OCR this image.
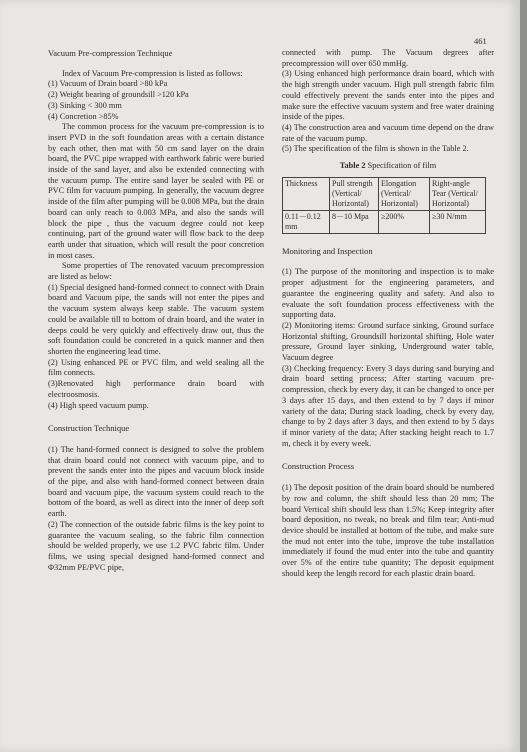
461

Vacuum Pre-compression Technique

Index of Vacuum Pre-compression is listed as follows:

(1) Vacuum of Drain board >80 kPa

(2) Weight bearing of groundsill >120 kPa

(3) Sinking < 300 mm

(4) Concretion >85%

The common process for the vacuum pre-compression is to insert PVD in the soft foundation areas with a certain distance by each other, then mat with 50 cm sand layer on the drain board, the PVC pipe wrapped with earthwork fabric were buried inside of the sand layer, and also be extended connecting with the vacuum pump. The entire sand layer be sealed with PE or PVC film for vacuum pumping. In generally, the vacuum degree inside of the film after pumping will be 0.008 MPa, but the drain board can only reach to 0.003 MPa, and also the sands will block the pipe , thus the vacuum degree could not keep continuing, part of the ground water will flow back to the deep earth under that situation, which will result the poor concretion in most cases.

Some properties of The renovated vacuum precompression are listed as below:

(1) Special designed hand-formed connect to connect with Drain board and Vacuum pipe, the sands will not enter the pipes and the vacuum system always keep stable. The vacuum system could be available till to bottom of drain board, and the water in deeps could be very quickly and effectively draw out, thus the soft foundation could be concreted in a quick manner and then shorten the engineering lead time.

(2) Using enhanced PE or PVC film, and weld sealing all the film connects.

(3)Renovated high performance drain board with electroosmosis.

(4) High speed vacuum pump.

Construction Technique

(1) The hand-formed connect is designed to solve the problem that drain board could not connect with vacuum pipe, and to prevent the sands enter into the pipes and vacuum block inside of the pipe, and also with hand-formed connect between drain board and vacuum pipe, the vacuum system could reach to the bottom of the board, as well as direct into the inner of deep soft earth.

(2) The connection of the outside fabric films is the key point to guarantee the vacuum sealing, so the fabric film connection should be welded properly, we use 1.2 PVC fabric film. Under films, we using special designed hand-formed connect and Φ32mm PE/PVC pipe,

connected with pump. The Vacuum degrees after precompression will over 650 mmHg.

(3) Using enhanced high performance drain board, which with the high strength under vacuum. High pull strength fabric film could effectively prevent the sands enter into the pipes and make sure the effective vacuum system and free water draining inside of the pipes.

(4) The construction area and vacuum time depend on the draw rate of the vacuum pump.

(5) The specification of the film is shown in the Table 2.

Table 2 Specification of film

Thickness	Pull strength (Vertical/ Horizontal)	Elongation (Vertical/ Horizontal)	Right-angle Tear (Vertical/ Horizontal)
0.11－0.12 mm	8－10 Mpa	≥200%	≥30 N/mm

Monitoring and Inspection

(1) The purpose of the monitoring and inspection is to make proper adjustment for the engineering parameters, and guarantee the engineering quality and safety. And also to evaluate the soft foundation process effectiveness with the supporting data.

(2) Monitoring items: Ground surface sinking, Ground surface Horizontal shifting, Groundsill horizontal shifting, Hole water pressure, Ground layer sinking, Underground water table, Vacuum degree

(3) Checking frequency: Every 3 days during sand burying and drain board setting process; After starting vacuum pre-compression, check by every day, it can be changed to once per 3 days after 15 days, and then extend to by 7 days if minor variety of the data; During stack loading, check by every day, change to by 2 days after 3 days, and then extend to by 5 days if minor variety of the data; After stacking height reach to 1.7 m, check it by every week.

Construction Process

(1) The deposit position of the drain board should be numbered by row and column, the shift should less than 20 mm; The board Vertical shift should less than 1.5%; Keep integrity after board deposition, no tweak, no break and film tear; Anti-mud device should be installed at bottom of the tube, and make sure the mud not enter into the tube, improve the tube installation immediately if found the mud enter into the tube and quantity over 5% of the entire tube quantity; The deposit equipment should keep the length record for each plastic drain board.
